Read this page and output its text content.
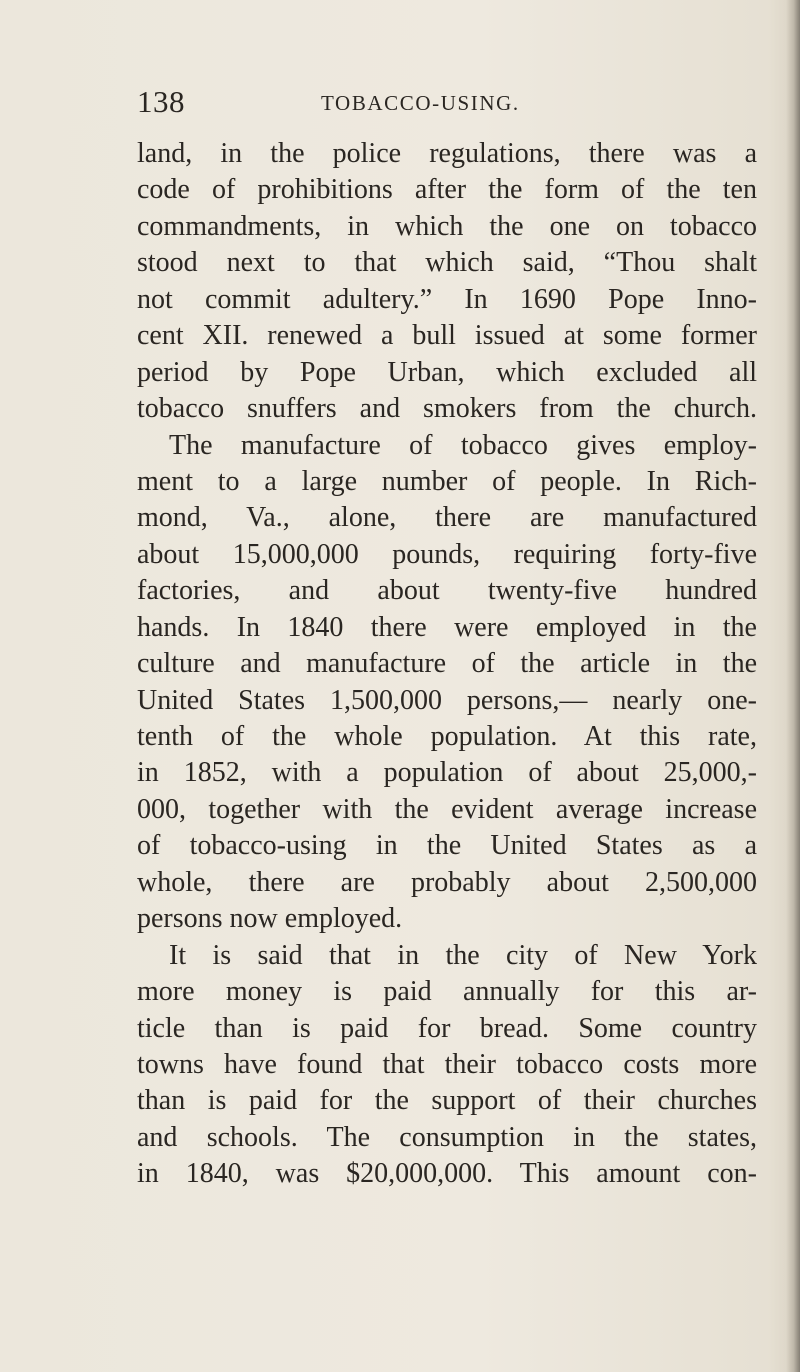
138	TOBACCO-USING.
land, in the police regulations, there was a
code of prohibitions after the form of the ten
commandments, in which the one on tobacco
stood next to that which said, “Thou shalt
not commit adultery.” In 1690 Pope Inno-
cent XII. renewed a bull issued at some former
period by Pope Urban, which excluded all
tobacco snuffers and smokers from the church.
The manufacture of tobacco gives employ-
ment to a large number of people. In Rich-
mond, Va., alone, there are manufactured
about 15,000,000 pounds, requiring forty-five
factories, and about twenty-five hundred
hands. In 1840 there were employed in the
culture and manufacture of the article in the
United States 1,500,000 persons,— nearly one-
tenth of the whole population. At this rate,
in 1852, with a population of about 25,000,-
000, together with the evident average increase
of tobacco-using in the United States as a
whole, there are probably about 2,500,000
persons now employed.
It is said that in the city of New York
more money is paid annually for this ar-
ticle than is paid for bread. Some country
towns have found that their tobacco costs more
than is paid for the support of their churches
and schools. The consumption in the states,
in 1840, was $20,000,000. This amount con-
